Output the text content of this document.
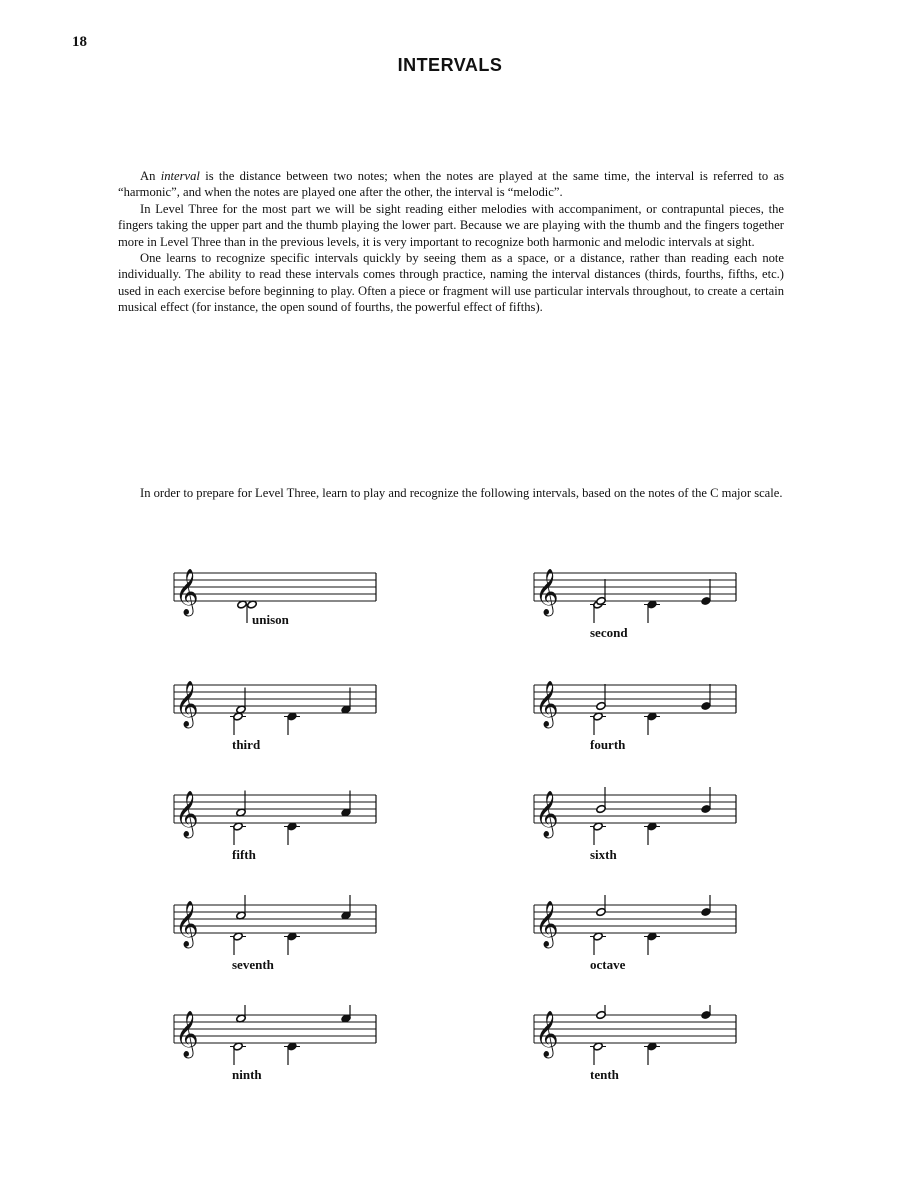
18
INTERVALS

An interval is the distance between two notes; when the notes are played at the same time, the interval is referred to as “harmonic”, and when the notes are played one after the other, the interval is “melodic”.

In Level Three for the most part we will be sight reading either melodies with accompaniment, or contrapuntal pieces, the fingers taking the upper part and the thumb playing the lower part. Because we are playing with the thumb and the fingers together more in Level Three than in the previous levels, it is very important to recognize both harmonic and melodic intervals at sight.

One learns to recognize specific intervals quickly by seeing them as a space, or a distance, rather than reading each note individually. The ability to read these intervals comes through practice, naming the interval distances (thirds, fourths, fifths, etc.) used in each exercise before beginning to play. Often a piece or fragment will use particular intervals throughout, to create a certain musical effect (for instance, the open sound of fourths, the powerful effect of fifths).

In order to prepare for Level Three, learn to play and recognize the following intervals, based on the notes of the C major scale.

𝄞
unison
𝄞
second
𝄞
third
𝄞
fourth
𝄞
fifth
𝄞
sixth
𝄞
seventh
𝄞
octave
𝄞
ninth
𝄞
tenth
